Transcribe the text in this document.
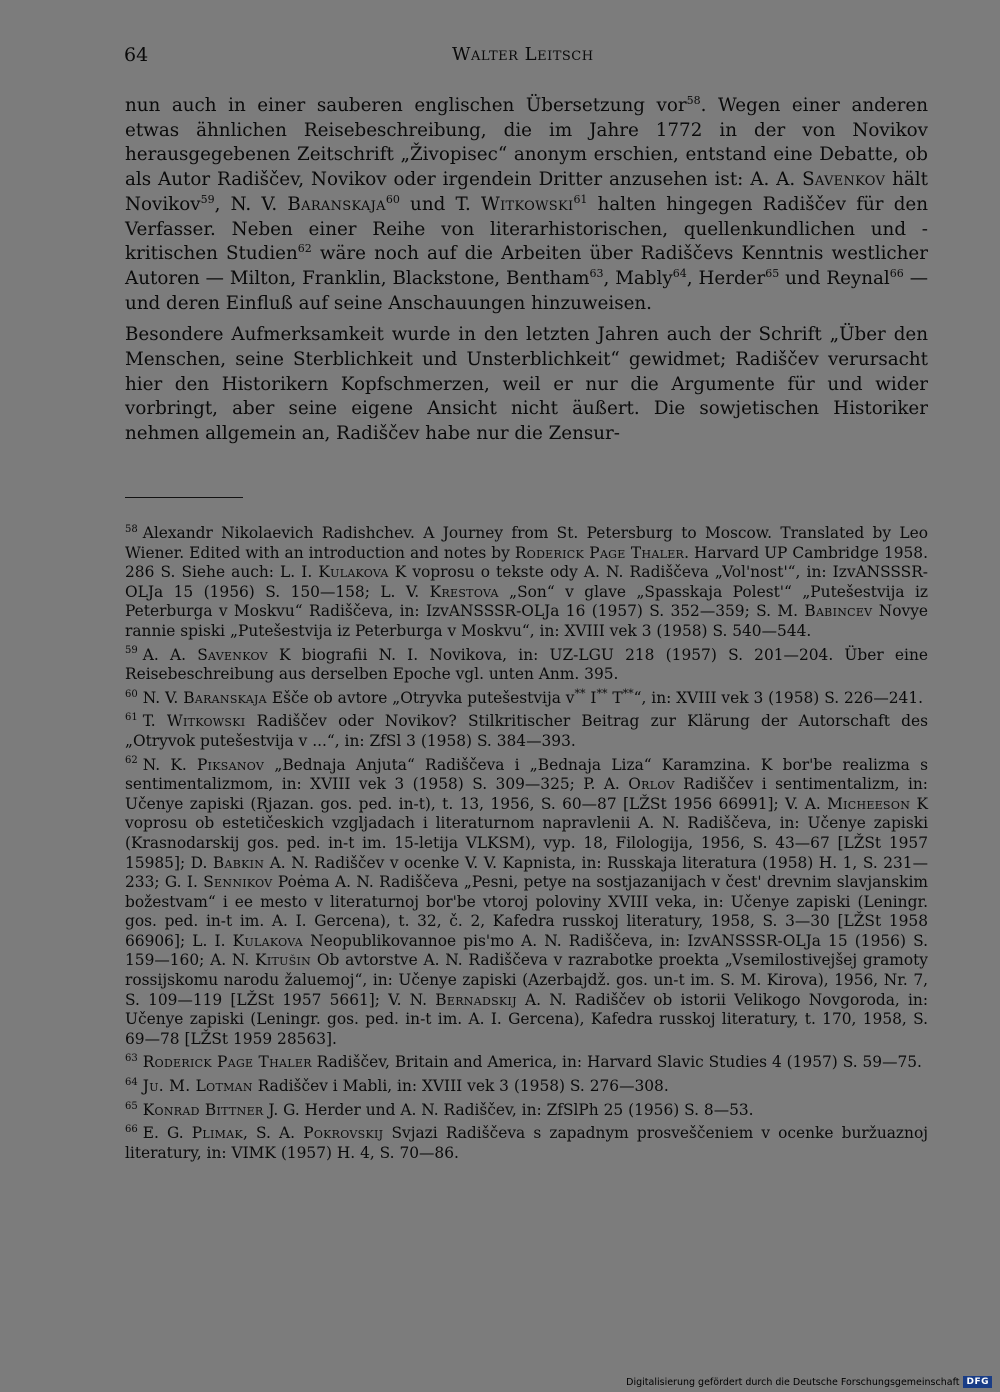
64	Walter Leitsch

nun auch in einer sauberen englischen Übersetzung vor$^{58}$. Wegen einer anderen etwas ähnlichen Reisebeschreibung, die im Jahre 1772 in der von Novikov herausgegebenen Zeitschrift „Živopisec“ anonym erschien, entstand eine Debatte, ob als Autor Radiščev, Novikov oder irgendein Dritter anzusehen ist: A. A. Savenkov hält Novikov$^{59}$, N. V. Baranskaja$^{60}$ und T. Witkowski$^{61}$ halten hingegen Radiščev für den Verfasser. Neben einer Reihe von literarhistorischen, quellenkundlichen und -kritischen Studien$^{62}$ wäre noch auf die Arbeiten über Radiščevs Kenntnis westlicher Autoren — Milton, Franklin, Blackstone, Bentham$^{63}$, Mably$^{64}$, Herder$^{65}$ und Reynal$^{66}$ — und deren Einfluß auf seine Anschauungen hinzuweisen.

Besondere Aufmerksamkeit wurde in den letzten Jahren auch der Schrift „Über den Menschen, seine Sterblichkeit und Unsterblichkeit“ gewidmet; Radiščev verursacht hier den Historikern Kopfschmerzen, weil er nur die Argumente für und wider vorbringt, aber seine eigene Ansicht nicht äußert. Die sowjetischen Historiker nehmen allgemein an, Radiščev habe nur die Zensur-

$^{58}$ Alexandr Nikolaevich Radishchev. A Journey from St. Petersburg to Moscow. Translated by Leo Wiener. Edited with an introduction and notes by Roderick Page Thaler. Harvard UP Cambridge 1958. 286 S. Siehe auch: L. I. Kulakova K voprosu o tekste ody A. N. Radiščeva „Vol'nost'“, in: IzvANSSSR-OLJa 15 (1956) S. 150—158; L. V. Krestova „Son“ v glave „Spasskaja Polest'“ „Putešestvija iz Peterburga v Moskvu“ Radiščeva, in: IzvANSSSR-OLJa 16 (1957) S. 352—359; S. M. Babincev Novye rannie spiski „Putešestvija iz Peterburga v Moskvu“, in: XVIII vek 3 (1958) S. 540—544.

$^{59}$ A. A. Savenkov K biografii N. I. Novikova, in: UZ-LGU 218 (1957) S. 201—204. Über eine Reisebeschreibung aus derselben Epoche vgl. unten Anm. 395.

$^{60}$ N. V. Baranskaja Ešče ob avtore „Otryvka putešestvija v** I** T**“, in: XVIII vek 3 (1958) S. 226—241.

$^{61}$ T. Witkowski Radiščev oder Novikov? Stilkritischer Beitrag zur Klärung der Autorschaft des „Otryvok putešestvija v ...“, in: ZfSl 3 (1958) S. 384—393.

$^{62}$ N. K. Piksanov „Bednaja Anjuta“ Radiščeva i „Bednaja Liza“ Karamzina. K bor'be realizma s sentimentalizmom, in: XVIII vek 3 (1958) S. 309—325; P. A. Orlov Radiščev i sentimentalizm, in: Učenye zapiski (Rjazan. gos. ped. in-t), t. 13, 1956, S. 60—87 [LŽSt 1956 66991]; V. A. Micheeson K voprosu ob estetičeskich vzgljadach i literaturnom napravlenii A. N. Radiščeva, in: Učenye zapiski (Krasnodarskij gos. ped. in-t im. 15-letija VLKSM), vyp. 18, Filologija, 1956, S. 43—67 [LŽSt 1957 15985]; D. Babkin A. N. Radiščev v ocenke V. V. Kapnista, in: Russkaja literatura (1958) H. 1, S. 231—233; G. I. Sennikov Poėma A. N. Radiščeva „Pesni, petye na sostjazanijach v čest' drevnim slavjanskim božestvam“ i ee mesto v literaturnoj bor'be vtoroj poloviny XVIII veka, in: Učenye zapiski (Leningr. gos. ped. in-t im. A. I. Gercena), t. 32, č. 2, Kafedra russkoj literatury, 1958, S. 3—30 [LŽSt 1958 66906]; L. I. Kulakova Neopublikovannoe pis'mo A. N. Radiščeva, in: IzvANSSSR-OLJa 15 (1956) S. 159—160; A. N. Kitušin Ob avtorstve A. N. Radiščeva v razrabotke proekta „Vsemilostivejšej gramoty rossijskomu narodu žaluemoj“, in: Učenye zapiski (Azerbajdž. gos. un-t im. S. M. Kirova), 1956, Nr. 7, S. 109—119 [LŽSt 1957 5661]; V. N. Bernadskij A. N. Radiščev ob istorii Velikogo Novgoroda, in: Učenye zapiski (Leningr. gos. ped. in-t im. A. I. Gercena), Kafedra russkoj literatury, t. 170, 1958, S. 69—78 [LŽSt 1959 28563].

$^{63}$ Roderick Page Thaler Radiščev, Britain and America, in: Harvard Slavic Studies 4 (1957) S. 59—75.

$^{64}$ Ju. M. Lotman Radiščev i Mabli, in: XVIII vek 3 (1958) S. 276—308.

$^{65}$ Konrad Bittner J. G. Herder und A. N. Radiščev, in: ZfSlPh 25 (1956) S. 8—53.

$^{66}$ E. G. Plimak, S. A. Pokrovskij Svjazi Radiščeva s zapadnym prosveščeniem v ocenke buržuaznoj literatury, in: VIMK (1957) H. 4, S. 70—86.

Digitalisierung gefördert durch die Deutsche Forschungsgemeinschaft DFG
